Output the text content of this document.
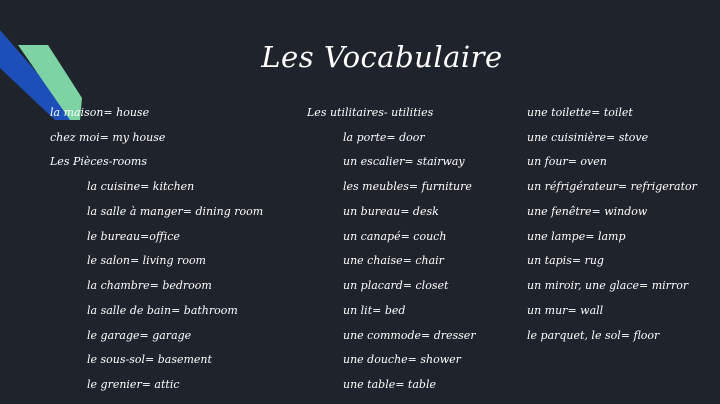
Les Vocabulaire
la maison= house
chez moi= my house
Les Pièces-rooms
la cuisine= kitchen
la salle à manger= dining room
le bureau=office
le salon= living room
la chambre= bedroom
la salle de bain= bathroom
le garage= garage
le sous-sol= basement
le grenier= attic
Les utilitaires- utilities
la porte= door
un escalier= stairway
les meubles= furniture
un bureau= desk
un canapé= couch
une chaise= chair
un placard= closet
un lit= bed
une commode= dresser
une douche= shower
une table= table
une toilette= toilet
une cuisinière= stove
un four= oven
un réfrigérateur= refrigerator
une fenêtre= window
une lampe= lamp
un tapis= rug
un miroir, une glace= mirror
un mur= wall
le parquet, le sol= floor
